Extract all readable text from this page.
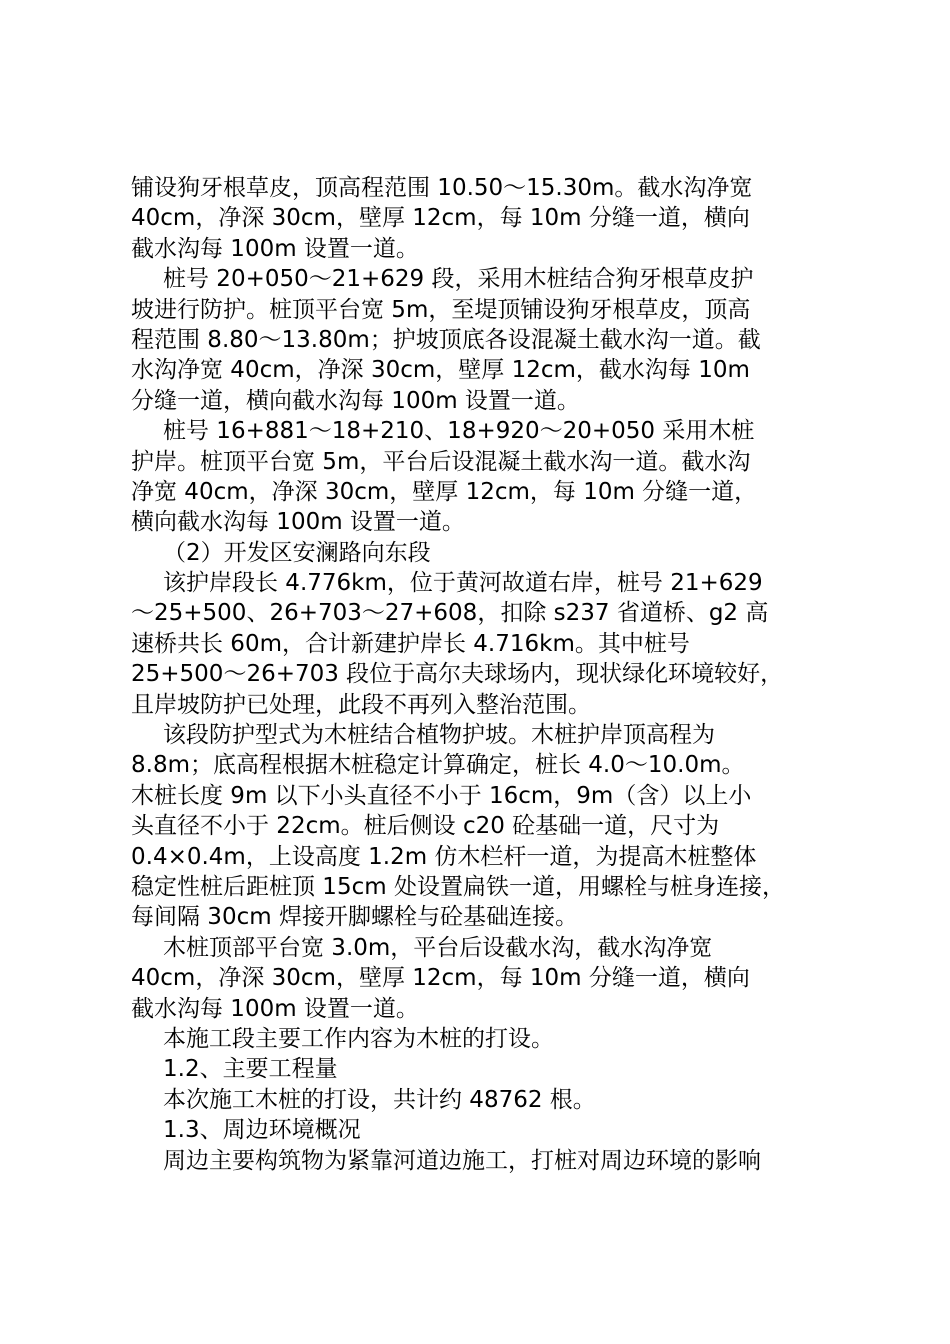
铺设狗牙根草皮，顶高程范围 10.50～15.30m。截水沟净宽
40cm，净深 30cm，壁厚 12cm，每 10m 分缝一道，横向
截水沟每 100m 设置一道。
桩号 20+050～21+629 段，采用木桩结合狗牙根草皮护
坡进行防护。桩顶平台宽 5m，至堤顶铺设狗牙根草皮，顶高
程范围 8.80～13.80m；护坡顶底各设混凝土截水沟一道。截
水沟净宽 40cm，净深 30cm，壁厚 12cm，截水沟每 10m
分缝一道，横向截水沟每 100m 设置一道。
桩号 16+881～18+210、18+920～20+050 采用木桩
护岸。桩顶平台宽 5m，平台后设混凝土截水沟一道。截水沟
净宽 40cm，净深 30cm，壁厚 12cm，每 10m 分缝一道，
横向截水沟每 100m 设置一道。
（2）开发区安澜路向东段
该护岸段长 4.776km，位于黄河故道右岸，桩号 21+629
～25+500、26+703～27+608，扣除 s237 省道桥、g2 高
速桥共长 60m，合计新建护岸长 4.716km。其中桩号
25+500～26+703 段位于高尔夫球场内，现状绿化环境较好，
且岸坡防护已处理，此段不再列入整治范围。
该段防护型式为木桩结合植物护坡。木桩护岸顶高程为
8.8m；底高程根据木桩稳定计算确定，桩长 4.0～10.0m。
木桩长度 9m 以下小头直径不小于 16cm，9m（含）以上小
头直径不小于 22cm。桩后侧设 c20 砼基础一道，尺寸为
0.4×0.4m，上设高度 1.2m 仿木栏杆一道，为提高木桩整体
稳定性桩后距桩顶 15cm 处设置扁铁一道，用螺栓与桩身连接，
每间隔 30cm 焊接开脚螺栓与砼基础连接。
木桩顶部平台宽 3.0m，平台后设截水沟，截水沟净宽
40cm，净深 30cm，壁厚 12cm，每 10m 分缝一道，横向
截水沟每 100m 设置一道。
本施工段主要工作内容为木桩的打设。
1.2、主要工程量
本次施工木桩的打设，共计约 48762 根。
1.3、周边环境概况
周边主要构筑物为紧靠河道边施工，打桩对周边环境的影响
